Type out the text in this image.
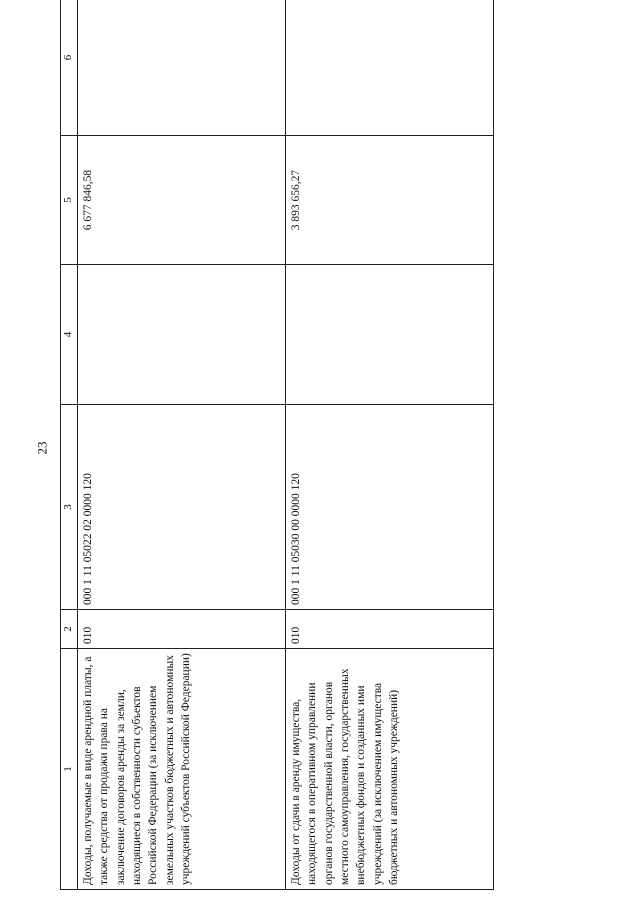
23
1	2	3	4	5	6
Доходы, получаемые в виде арендной платы, а также средства от продажи права на заключение договоров аренды за земли, находящиеся в собственности субъектов Российской Федерации (за исключением земельных участков бюджетных и автономных учреждений субъектов Российской Федерации)	010	000 1 11 05022 02 0000 120		6 677 846,58	
Доходы от сдачи в аренду имущества, находящегося в оперативном управлении органов государственной власти, органов местного самоуправления, государственных внебюджетных фондов и созданных ими учреждений (за исключением имущества бюджетных и автономных учреждений)	010	000 1 11 05030 00 0000 120		3 893 656,27	
